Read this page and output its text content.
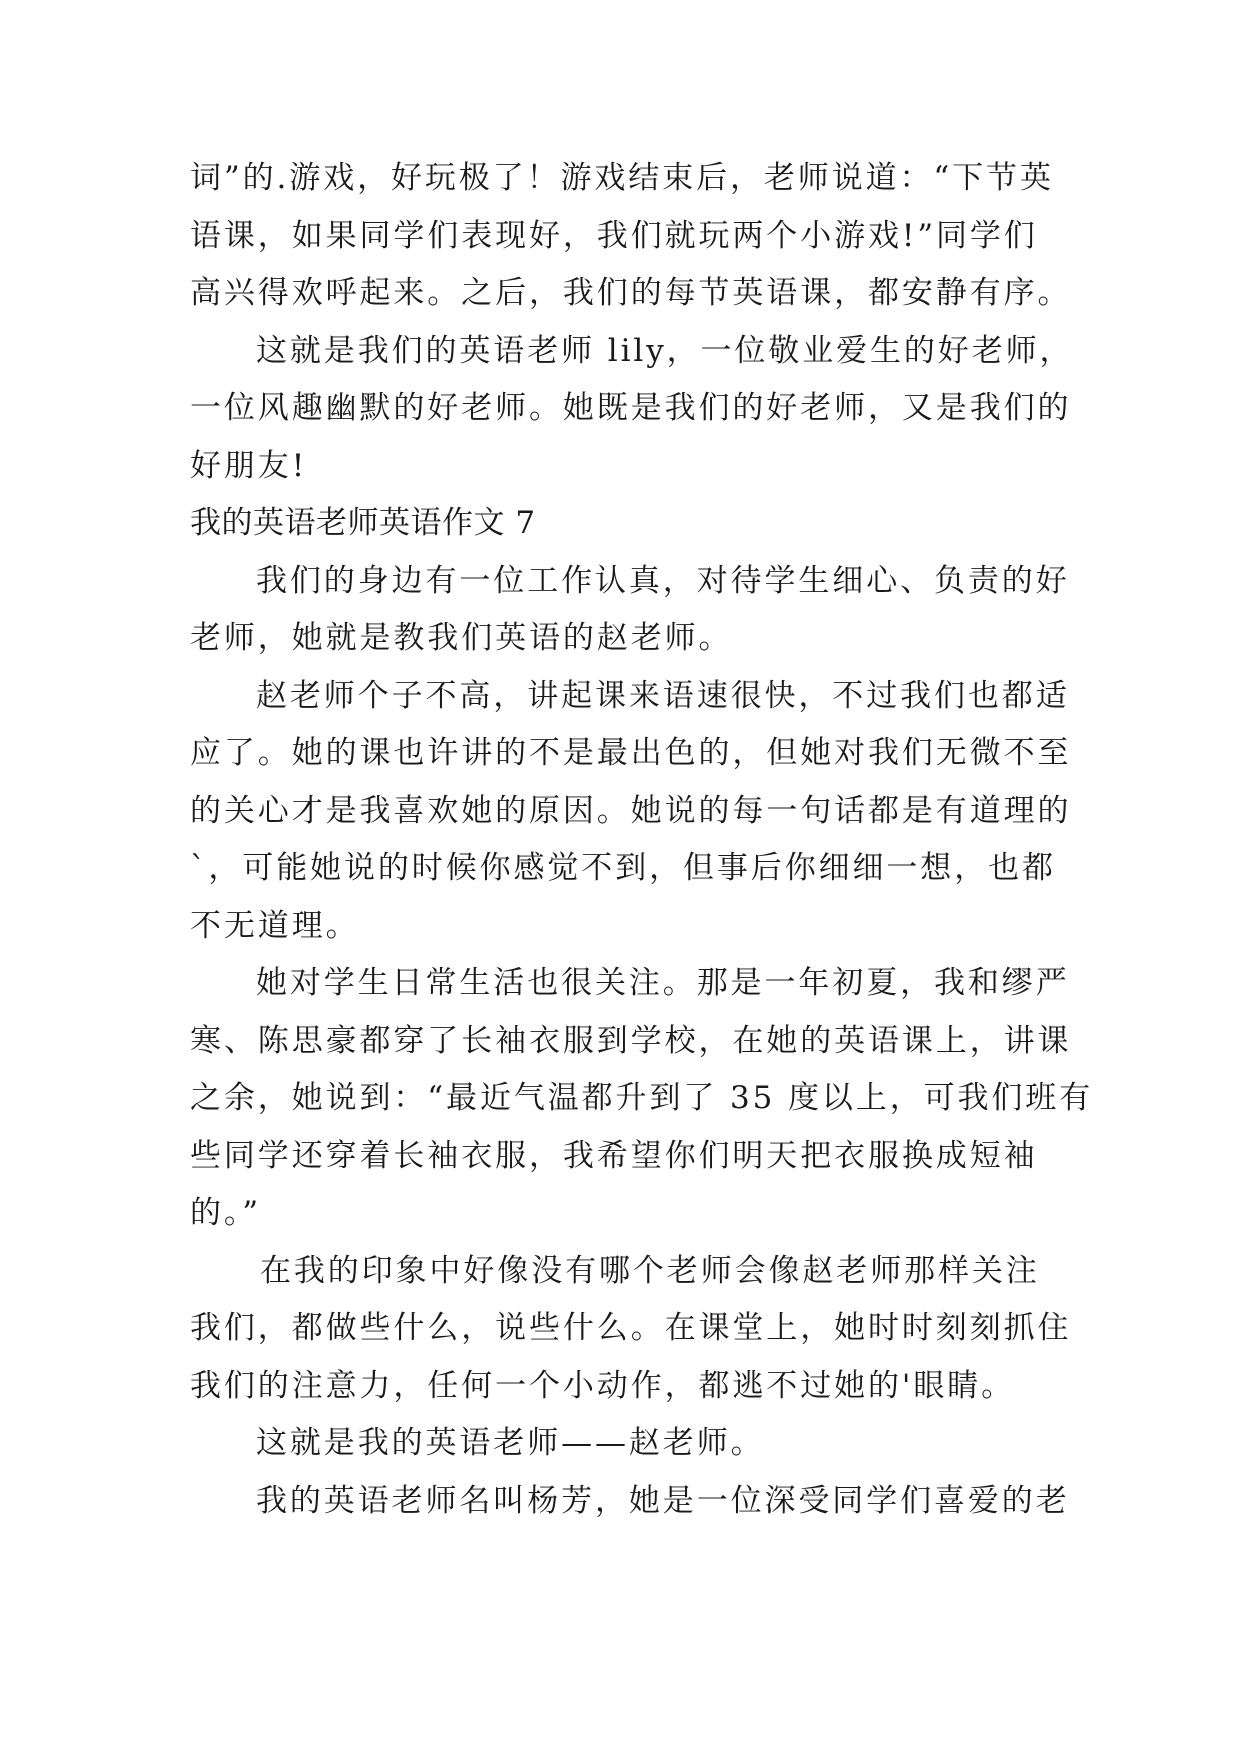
词”的.游戏，好玩极了！游戏结束后，老师说道：“下节英
语课，如果同学们表现好，我们就玩两个小游戏!”同学们
高兴得欢呼起来。之后，我们的每节英语课，都安静有序。
这就是我们的英语老师 lily，一位敬业爱生的好老师，
一位风趣幽默的好老师。她既是我们的好老师，又是我们的
好朋友!
我的英语老师英语作文 7
我们的身边有一位工作认真，对待学生细心、负责的好
老师，她就是教我们英语的赵老师。
赵老师个子不高，讲起课来语速很快，不过我们也都适
应了。她的课也许讲的不是最出色的，但她对我们无微不至
的关心才是我喜欢她的原因。她说的每一句话都是有道理的
`，可能她说的时候你感觉不到，但事后你细细一想，也都
不无道理。
她对学生日常生活也很关注。那是一年初夏，我和缪严
寒、陈思豪都穿了长袖衣服到学校，在她的英语课上，讲课
之余，她说到：“最近气温都升到了 35 度以上，可我们班有
些同学还穿着长袖衣服，我希望你们明天把衣服换成短袖
的。”
在我的印象中好像没有哪个老师会像赵老师那样关注
我们，都做些什么，说些什么。在课堂上，她时时刻刻抓住
我们的注意力，任何一个小动作，都逃不过她的'眼睛。
这就是我的英语老师——赵老师。
我的英语老师名叫杨芳，她是一位深受同学们喜爱的老
